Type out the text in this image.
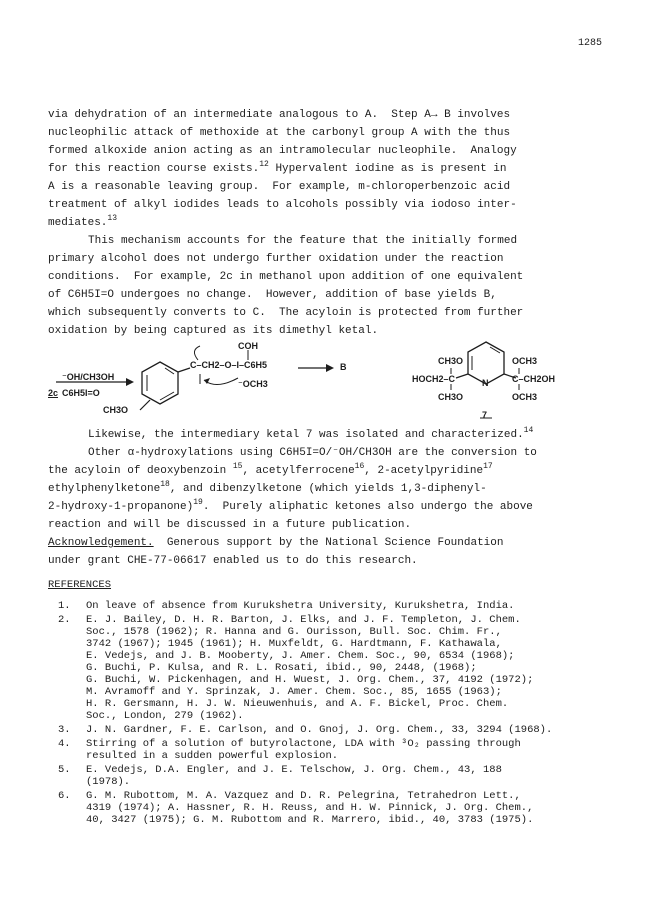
1285
via dehydration of an intermediate analogous to A.  Step A→ B involves
nucleophilic attack of methoxide at the carbonyl group A with the thus
formed alkoxide anion acting as an intramolecular nucleophile.  Analogy
for this reaction course exists.$^{12}$ Hypervalent iodine as is present in
A is a reasonable leaving group.  For example, m-chloroperbenzoic acid
treatment of alkyl iodides leads to alcohols possibly via iodoso inter-
mediates.$^{13}$
This mechanism accounts for the feature that the initially formed
primary alcohol does not undergo further oxidation under the reaction
conditions.  For example, 2c in methanol upon addition of one equivalent
of C6H5I=O undergoes no change.  However, addition of base yields B,
which subsequently converts to C.  The acyloin is protected from further
oxidation by being captured as its dimethyl ketal.
⁻OH/CH3OH
2c C6H5I=O
CH3O
COH
C–CH2–O–I–C6H5	B
⁻OCH3
CH3O
HOCH2–C
CH3O
N
OCH3
C–CH2OH
OCH3
7
Likewise, the intermediary ketal 7 was isolated and characterized.$^{14}$
Other α-hydroxylations using C6H5I=O/⁻OH/CH3OH are the conversion to
the acyloin of deoxybenzoin $^{15}$, acetylferrocene$^{16}$, 2-acetylpyridine$^{17}$
ethylphenylketone$^{18}$, and dibenzylketone (which yields 1,3-diphenyl-
2-hydroxy-1-propanone)$^{19}$.  Purely aliphatic ketones also undergo the above
reaction and will be discussed in a future publication.
Acknowledgement.  Generous support by the National Science Foundation
under grant CHE-77-06617 enabled us to do this research.
REFERENCES
1. On leave of absence from Kurukshetra University, Kurukshetra, India.
2. E. J. Bailey, D. H. R. Barton, J. Elks, and J. F. Templeton, J. Chem.
Soc., 1578 (1962); R. Hanna and G. Ourisson, Bull. Soc. Chim. Fr.,
3742 (1967); 1945 (1961); H. Muxfeldt, G. Hardtmann, F. Kathawala,
E. Vedejs, and J. B. Mooberty, J. Amer. Chem. Soc., 90, 6534 (1968);
G. Buchi, P. Kulsa, and R. L. Rosati, ibid., 90, 2448, (1968);
G. Buchi, W. Pickenhagen, and H. Wuest, J. Org. Chem., 37, 4192 (1972);
M. Avramoff and Y. Sprinzak, J. Amer. Chem. Soc., 85, 1655 (1963);
H. R. Gersmann, H. J. W. Nieuwenhuis, and A. F. Bickel, Proc. Chem.
Soc., London, 279 (1962).
3. J. N. Gardner, F. E. Carlson, and O. Gnoj, J. Org. Chem., 33, 3294 (1968).
4. Stirring of a solution of butyrolactone, LDA with ³O₂ passing through
resulted in a sudden powerful explosion.
5. E. Vedejs, D.A. Engler, and J. E. Telschow, J. Org. Chem., 43, 188
(1978).
6. G. M. Rubottom, M. A. Vazquez and D. R. Pelegrina, Tetrahedron Lett.,
4319 (1974); A. Hassner, R. H. Reuss, and H. W. Pinnick, J. Org. Chem.,
40, 3427 (1975); G. M. Rubottom and R. Marrero, ibid., 40, 3783 (1975).
